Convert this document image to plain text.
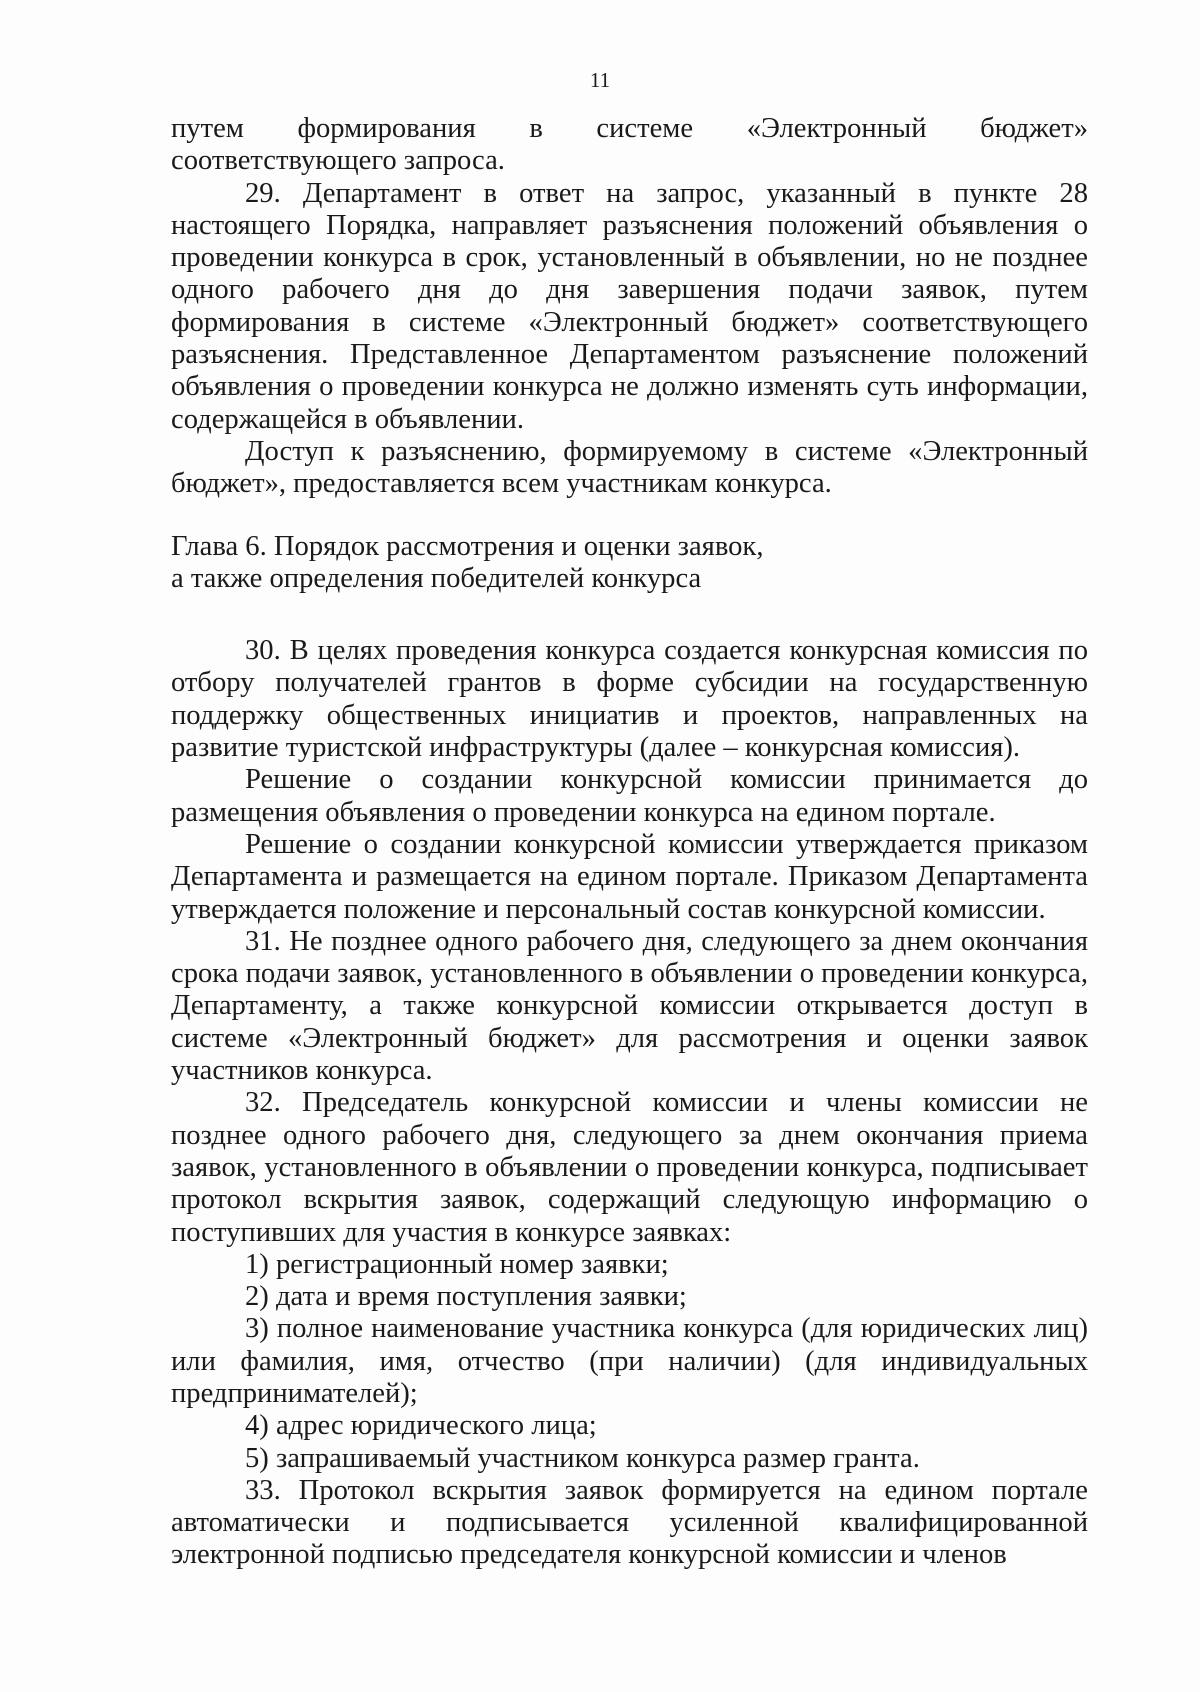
11

путем формирования в системе «Электронный бюджет» соответствующего запроса.

29. Департамент в ответ на запрос, указанный в пункте 28 настоящего Порядка, направляет разъяснения положений объявления о проведении конкурса в срок, установленный в объявлении, но не позднее одного рабочего дня до дня завершения подачи заявок, путем формирования в системе «Электронный бюджет» соответствующего разъяснения. Представленное Департаментом разъяснение положений объявления о проведении конкурса не должно изменять суть информации, содержащейся в объявлении.

Доступ к разъяснению, формируемому в системе «Электронный бюджет», предоставляется всем участникам конкурса.

Глава 6. Порядок рассмотрения и оценки заявок,
а также определения победителей конкурса

30. В целях проведения конкурса создается конкурсная комиссия по отбору получателей грантов в форме субсидии на государственную поддержку общественных инициатив и проектов, направленных на развитие туристской инфраструктуры (далее – конкурсная комиссия).

Решение о создании конкурсной комиссии принимается до размещения объявления о проведении конкурса на едином портале.

Решение о создании конкурсной комиссии утверждается приказом Департамента и размещается на едином портале. Приказом Департамента утверждается положение и персональный состав конкурсной комиссии.

31. Не позднее одного рабочего дня, следующего за днем окончания срока подачи заявок, установленного в объявлении о проведении конкурса, Департаменту, а также конкурсной комиссии открывается доступ в системе «Электронный бюджет» для рассмотрения и оценки заявок участников конкурса.

32. Председатель конкурсной комиссии и члены комиссии не позднее одного рабочего дня, следующего за днем окончания приема заявок, установленного в объявлении о проведении конкурса, подписывает протокол вскрытия заявок, содержащий следующую информацию о поступивших для участия в конкурсе заявках:

1) регистрационный номер заявки;

2) дата и время поступления заявки;

3) полное наименование участника конкурса (для юридических лиц) или фамилия, имя, отчество (при наличии) (для индивидуальных предпринимателей);

4) адрес юридического лица;

5) запрашиваемый участником конкурса размер гранта.

33. Протокол вскрытия заявок формируется на едином портале автоматически и подписывается усиленной квалифицированной электронной подписью председателя конкурсной комиссии и членов
